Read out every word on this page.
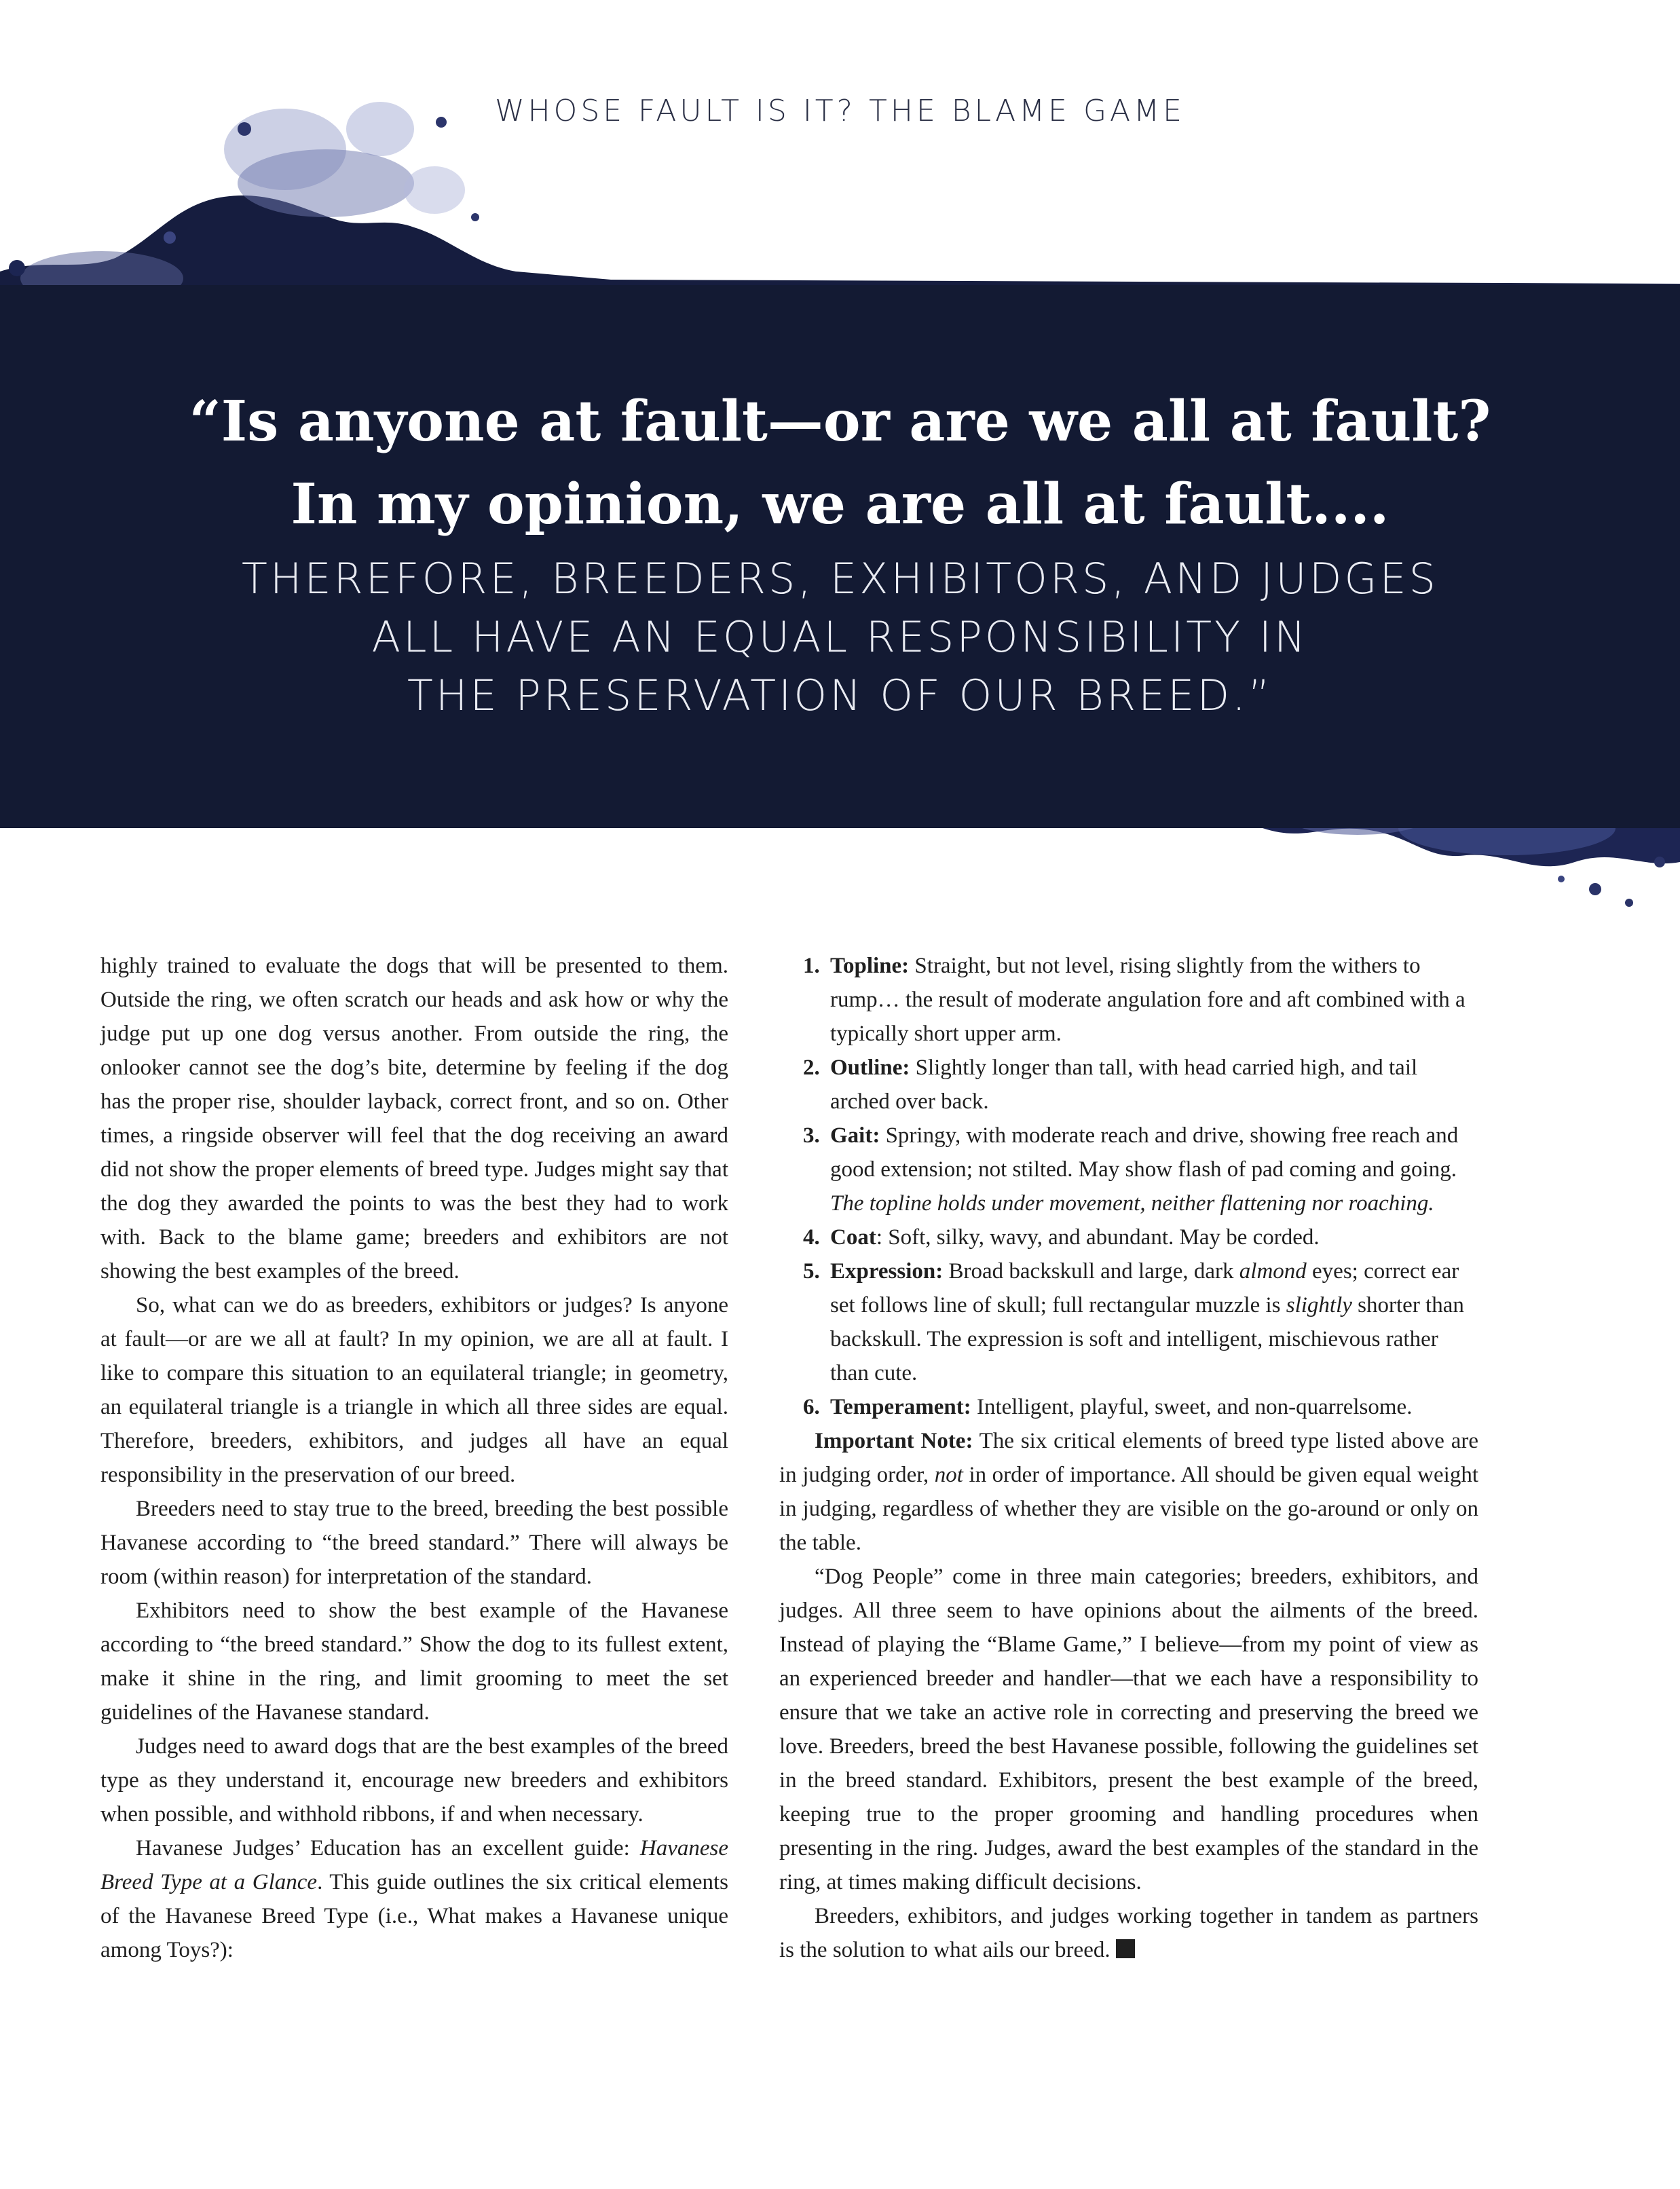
WHOSE FAULT IS IT? THE BLAME GAME
“Is anyone at fault—or are we all at fault?
In my opinion, we are all at fault....
THEREFORE, BREEDERS, EXHIBITORS, AND JUDGES
ALL HAVE AN EQUAL RESPONSIBILITY IN
THE PRESERVATION OF OUR BREED.”

highly trained to evaluate the dogs that will be presented to them. Outside the ring, we often scratch our heads and ask how or why the judge put up one dog versus another. From outside the ring, the onlooker cannot see the dog’s bite, determine by feeling if the dog has the proper rise, shoulder layback, correct front, and so on. Other times, a ringside observer will feel that the dog receiving an award did not show the proper elements of breed type. Judges might say that the dog they awarded the points to was the best they had to work with. Back to the blame game; breeders and exhibitors are not showing the best examples of the breed.

So, what can we do as breeders, exhibitors or judges? Is anyone at fault—or are we all at fault? In my opinion, we are all at fault. I like to compare this situation to an equilateral triangle; in geometry, an equilateral triangle is a triangle in which all three sides are equal. Therefore, breeders, exhibitors, and judges all have an equal responsibility in the preservation of our breed.

Breeders need to stay true to the breed, breeding the best possible Havanese according to “the breed standard.” There will always be room (within reason) for interpretation of the standard.

Exhibitors need to show the best example of the Havanese according to “the breed standard.” Show the dog to its fullest extent, make it shine in the ring, and limit grooming to meet the set guidelines of the Havanese standard.

Judges need to award dogs that are the best examples of the breed type as they understand it, encourage new breeders and exhibitors when possible, and withhold ribbons, if and when necessary.

Havanese Judges’ Education has an excellent guide: Havanese Breed Type at a Glance. This guide outlines the six critical elements of the Havanese Breed Type (i.e., What makes a Havanese unique among Toys?):

1. Topline: Straight, but not level, rising slightly from the withers to rump… the result of moderate angulation fore and aft combined with a typically short upper arm.
2. Outline: Slightly longer than tall, with head carried high, and tail arched over back.
3. Gait: Springy, with moderate reach and drive, showing free reach and good extension; not stilted. May show flash of pad coming and going. The topline holds under movement, neither flattening nor roaching.
4. Coat: Soft, silky, wavy, and abundant. May be corded.
5. Expression: Broad backskull and large, dark almond eyes; correct ear set follows line of skull; full rectangular muzzle is slightly shorter than backskull. The expression is soft and intelligent, mischievous rather than cute.
6. Temperament: Intelligent, playful, sweet, and non-quarrelsome.

Important Note: The six critical elements of breed type listed above are in judging order, not in order of importance. All should be given equal weight in judging, regardless of whether they are visible on the go-around or only on the table.

“Dog People” come in three main categories; breeders, exhibitors, and judges. All three seem to have opinions about the ailments of the breed. Instead of playing the “Blame Game,” I believe—from my point of view as an experienced breeder and handler—that we each have a responsibility to ensure that we take an active role in correcting and preserving the breed we love. Breeders, breed the best Havanese possible, following the guidelines set in the breed standard. Exhibitors, present the best example of the breed, keeping true to the proper grooming and handling procedures when presenting in the ring. Judges, award the best examples of the standard in the ring, at times making difficult decisions.

Breeders, exhibitors, and judges working together in tandem as partners is the solution to what ails our breed.
